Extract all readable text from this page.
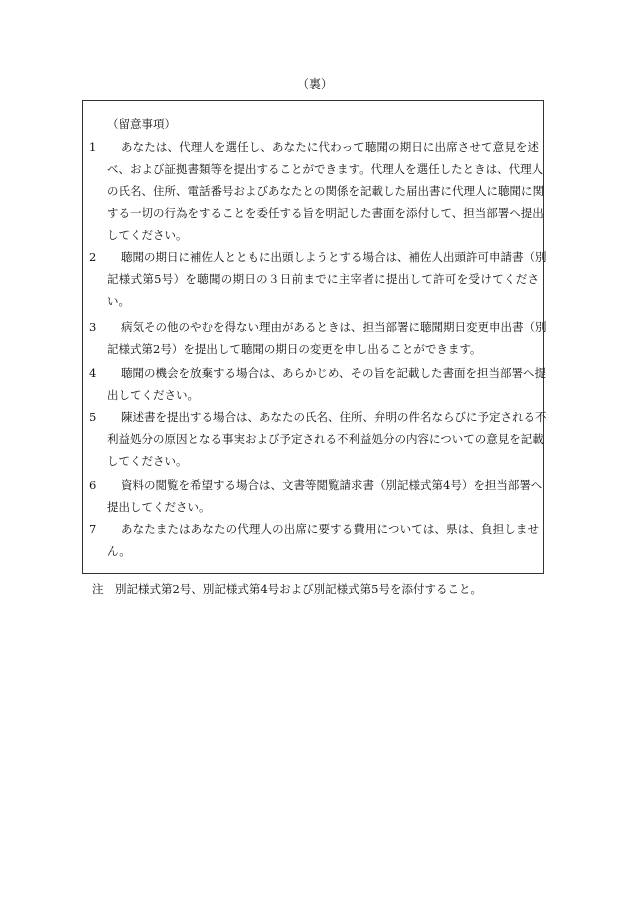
（裏）
（留意事項）
1	あなたは、代理人を選任し、あなたに代わって聴聞の期日に出席させて意見を述
べ、および証拠書類等を提出することができます。代理人を選任したときは、代理人
の氏名、住所、電話番号およびあなたとの関係を記載した届出書に代理人に聴聞に関
する一切の行為をすることを委任する旨を明記した書面を添付して、担当部署へ提出
してください。
2	聴聞の期日に補佐人とともに出頭しようとする場合は、補佐人出頭許可申請書（別
記様式第5号）を聴聞の期日の３日前までに主宰者に提出して許可を受けてくださ
い。
3	病気その他のやむを得ない理由があるときは、担当部署に聴聞期日変更申出書（別
記様式第2号）を提出して聴聞の期日の変更を申し出ることができます。
4	聴聞の機会を放棄する場合は、あらかじめ、その旨を記載した書面を担当部署へ提
出してください。
5	陳述書を提出する場合は、あなたの氏名、住所、弁明の件名ならびに予定される不
利益処分の原因となる事実および予定される不利益処分の内容についての意見を記載
してください。
6	資料の閲覧を希望する場合は、文書等閲覧請求書（別記様式第4号）を担当部署へ
提出してください。
7	あなたまたはあなたの代理人の出席に要する費用については、県は、負担しませ
ん。
注　別記様式第2号、別記様式第4号および別記様式第5号を添付すること。
